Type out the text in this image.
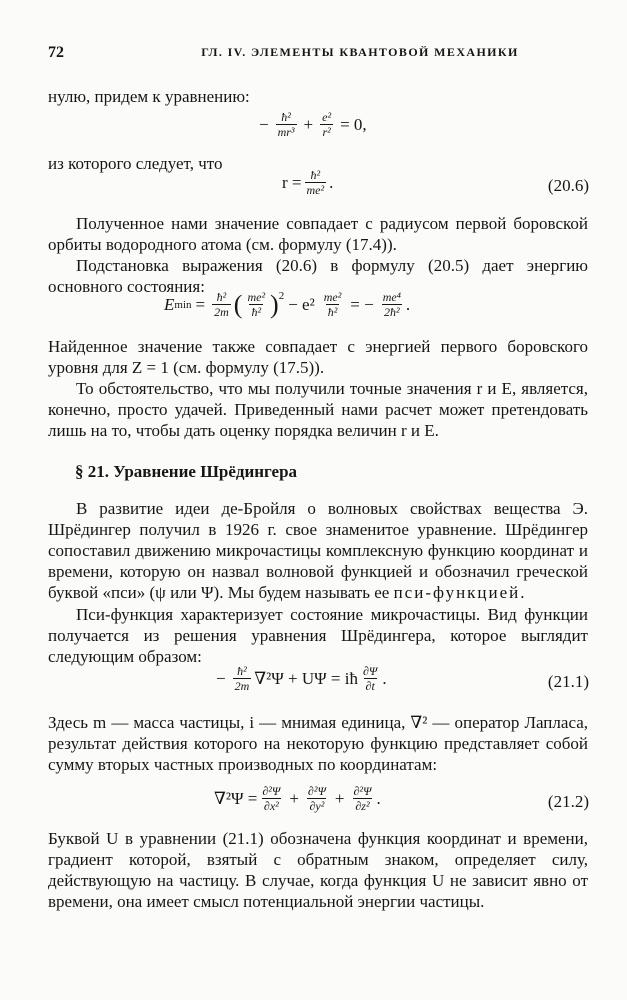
72	ГЛ. IV. ЭЛЕМЕНТЫ КВАНТОВОЙ МЕХАНИКИ
нулю, придем к уравнению:
− $\frac{\text{ħ²}}{\text{mr³}} + \frac{\text{e²}}{\text{r²}} = 0$,
из которого следует, что
$r = \frac{\text{ħ²}}{\text{me²}}$ .	(20.6)
Полученное нами значение совпадает с радиусом первой боровской орбиты водородного атома (см. формулу (17.4)).
Подстановка выражения (20.6) в формулу (20.5) дает энергию основного состояния:
E $\min = \frac{\text{ħ²}}{2m}$ ( $\frac{\text{me²}}{\text{ħ²}} )^2 - e^2 \frac{\text{me²}}{\text{ħ²}}$ = − $\frac{\text{me⁴}}{\text{2ħ²}}$ .
Найденное значение также совпадает с энергией первого боровского уровня для Z = 1 (см. формулу (17.5)).
То обстоятельство, что мы получили точные значения r и E, является, конечно, просто удачей. Приведенный нами расчет может претендовать лишь на то, чтобы дать оценку порядка величин r и E.
§ 21. Уравнение Шрёдингера
В развитие идеи де-Бройля о волновых свойствах вещества Э. Шрёдингер получил в 1926 г. свое знаменитое уравнение. Шрёдингер сопоставил движению микрочастицы комплексную функцию координат и времени, которую он назвал волновой функцией и обозначил греческой буквой «пси» (ψ или Ψ). Мы будем называть ее пси-функцией.
Пси-функция характеризует состояние микрочастицы. Вид функции получается из решения уравнения Шрёдингера, которое выглядит следующим образом:
− $\frac{\text{ħ²}}{2m} \nabla^2\Psi + U\Psi$ = iħ $\frac{\partial\Psi}{\partial t}$ .	(21.1)
Здесь m — масса частицы, i — мнимая единица, ∇² — оператор Лапласа, результат действия которого на некоторую функцию представляет собой сумму вторых частных производных по координатам:
$\nabla^2\Psi = \frac{\text{∂²Ψ}}{\text{∂x²}} + \frac{\text{∂²Ψ}}{\text{∂y²}} + \frac{\text{∂²Ψ}}{\text{∂z²}}$ .	(21.2)
Буквой U в уравнении (21.1) обозначена функция координат и времени, градиент которой, взятый с обратным знаком, определяет силу, действующую на частицу. В случае, когда функция U не зависит явно от времени, она имеет смысл потенциальной энергии частицы.
